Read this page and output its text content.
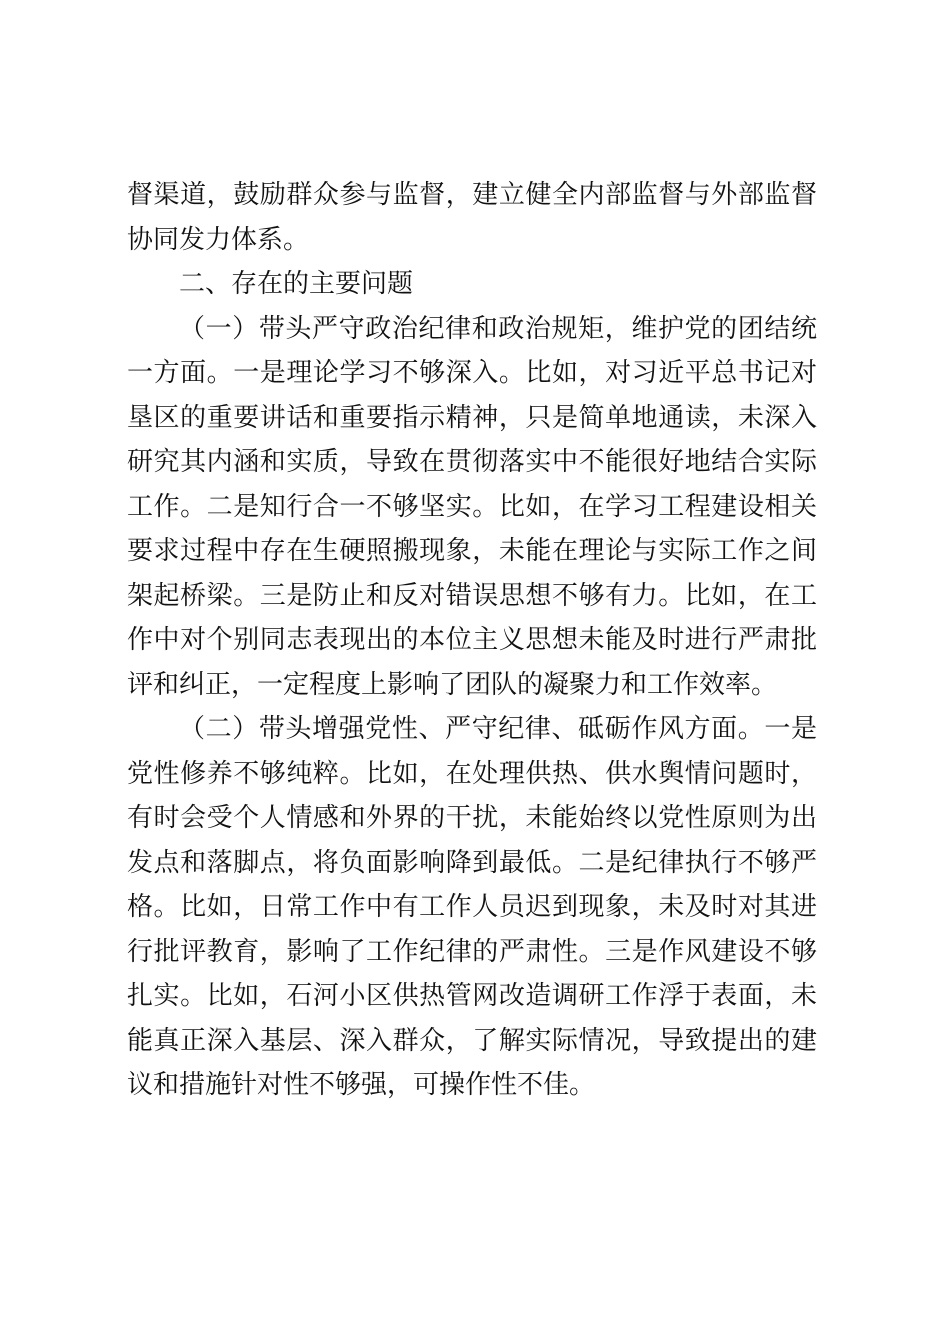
督渠道，鼓励群众参与监督，建立健全内部监督与外部监督协同发力体系。

二、存在的主要问题

（一）带头严守政治纪律和政治规矩，维护党的团结统一方面。一是理论学习不够深入。比如，对习近平总书记对垦区的重要讲话和重要指示精神，只是简单地通读，未深入研究其内涵和实质，导致在贯彻落实中不能很好地结合实际工作。二是知行合一不够坚实。比如，在学习工程建设相关要求过程中存在生硬照搬现象，未能在理论与实际工作之间架起桥梁。三是防止和反对错误思想不够有力。比如，在工作中对个别同志表现出的本位主义思想未能及时进行严肃批评和纠正，一定程度上影响了团队的凝聚力和工作效率。

（二）带头增强党性、严守纪律、砥砺作风方面。一是党性修养不够纯粹。比如，在处理供热、供水舆情问题时，有时会受个人情感和外界的干扰，未能始终以党性原则为出发点和落脚点，将负面影响降到最低。二是纪律执行不够严格。比如，日常工作中有工作人员迟到现象，未及时对其进行批评教育，影响了工作纪律的严肃性。三是作风建设不够扎实。比如，石河小区供热管网改造调研工作浮于表面，未能真正深入基层、深入群众，了解实际情况，导致提出的建议和措施针对性不够强，可操作性不佳。
